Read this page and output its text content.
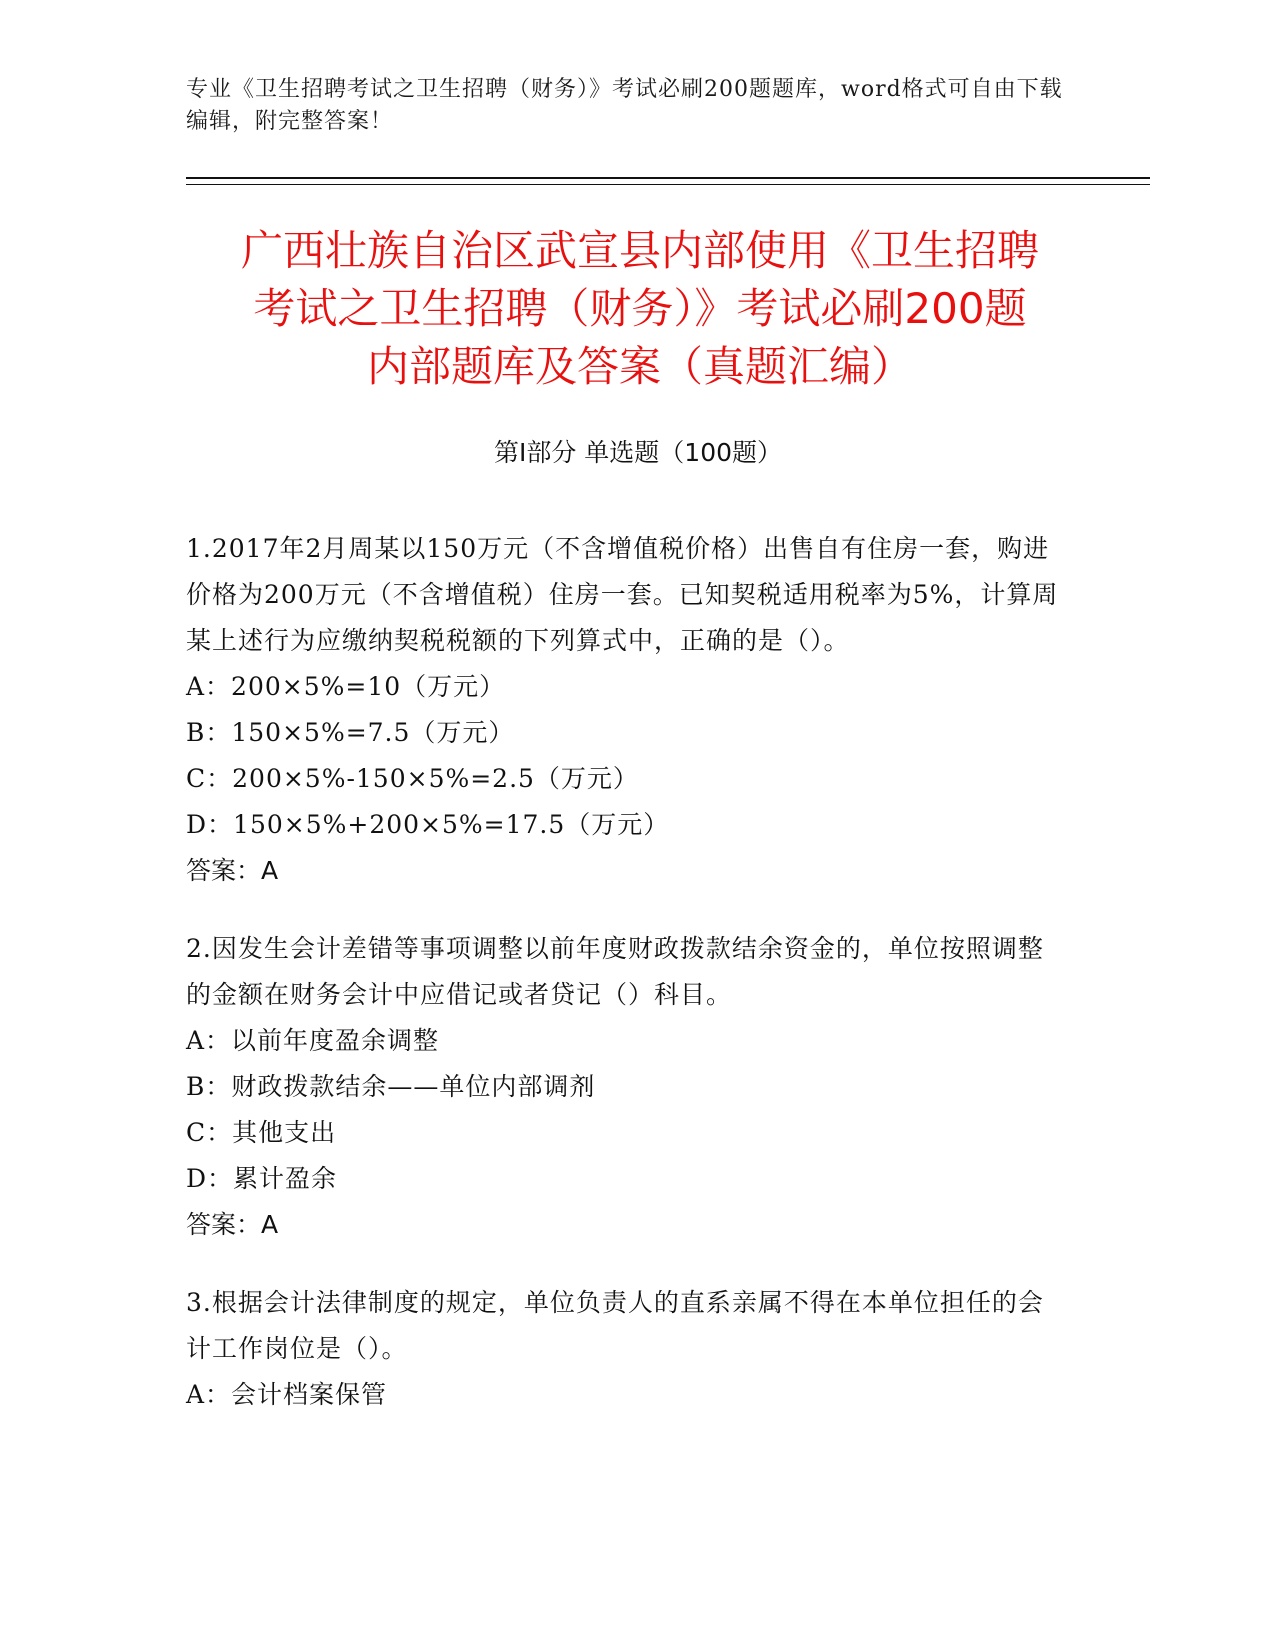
专业《卫生招聘考试之卫生招聘（财务）》考试必刷200题题库，word格式可自由下载编辑，附完整答案！
广西壮族自治区武宣县内部使用《卫生招聘
考试之卫生招聘（财务）》考试必刷200题
内部题库及答案（真题汇编）
第Ⅰ部分 单选题（100题）

1.2017年2月周某以150万元（不含增值税价格）出售自有住房一套，购进价格为200万元（不含增值税）住房一套。已知契税适用税率为5%，计算周某上述行为应缴纳契税税额的下列算式中，正确的是（）。

A：200×5%=10（万元）
B：150×5%=7.5（万元）
C：200×5%-150×5%=2.5（万元）
D：150×5%+200×5%=17.5（万元）

答案：A

2.因发生会计差错等事项调整以前年度财政拨款结余资金的，单位按照调整的金额在财务会计中应借记或者贷记（）科目。

A：以前年度盈余调整
B：财政拨款结余——单位内部调剂
C：其他支出
D：累计盈余

答案：A

3.根据会计法律制度的规定，单位负责人的直系亲属不得在本单位担任的会计工作岗位是（）。

A：会计档案保管
